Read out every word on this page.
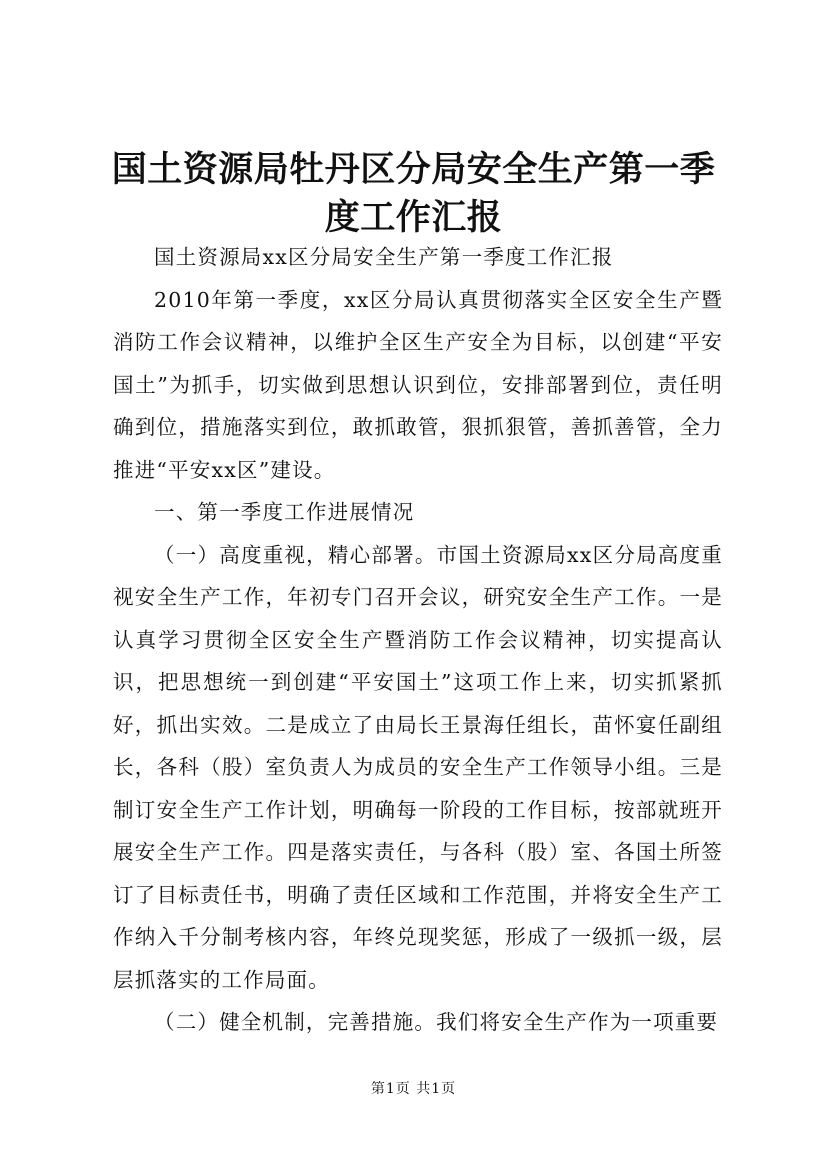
国土资源局牡丹区分局安全生产第一季度工作汇报

国土资源局xx区分局安全生产第一季度工作汇报

2010年第一季度，xx区分局认真贯彻落实全区安全生产暨消防工作会议精神，以维护全区生产安全为目标，以创建“平安国土”为抓手，切实做到思想认识到位，安排部署到位，责任明确到位，措施落实到位，敢抓敢管，狠抓狠管，善抓善管，全力推进“平安xx区”建设。

一、第一季度工作进展情况

（一）高度重视，精心部署。市国土资源局xx区分局高度重视安全生产工作，年初专门召开会议，研究安全生产工作。一是认真学习贯彻全区安全生产暨消防工作会议精神，切实提高认识，把思想统一到创建“平安国土”这项工作上来，切实抓紧抓好，抓出实效。二是成立了由局长王景海任组长，苗怀宴任副组长，各科（股）室负责人为成员的安全生产工作领导小组。三是制订安全生产工作计划，明确每一阶段的工作目标，按部就班开展安全生产工作。四是落实责任，与各科（股）室、各国土所签订了目标责任书，明确了责任区域和工作范围，并将安全生产工作纳入千分制考核内容，年终兑现奖惩，形成了一级抓一级，层层抓落实的工作局面。

（二）健全机制，完善措施。我们将安全生产作为一项重要

第1页 共1页
